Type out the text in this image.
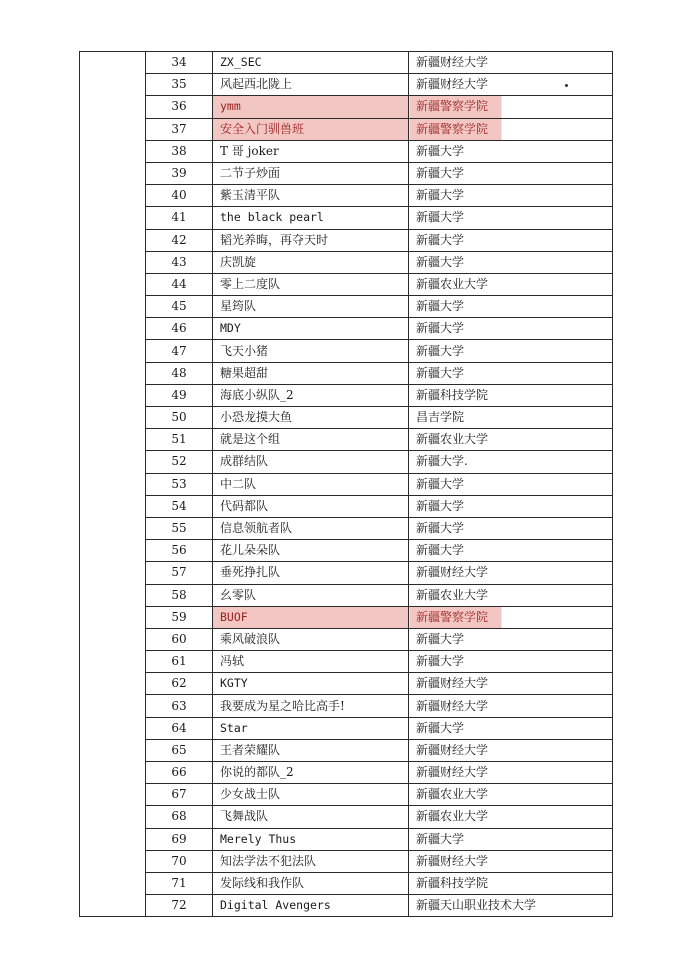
	34	ZX_SEC	新疆财经大学
	35	风起西北陇上	新疆财经大学
	36	ymm	新疆警察学院
	37	安全入门驯兽班	新疆警察学院
	38	T 哥 joker	新疆大学
	39	二节子炒面	新疆大学
	40	紫玉清平队	新疆大学
	41	the black pearl	新疆大学
	42	韬光养晦，再夺天时	新疆大学
	43	庆凯旋	新疆大学
	44	零上二度队	新疆农业大学
	45	星筠队	新疆大学
	46	MDY	新疆大学
	47	飞天小猪	新疆大学
	48	糖果超甜	新疆大学
	49	海底小纵队_2	新疆科技学院
	50	小恐龙摸大鱼	昌吉学院
	51	就是这个组	新疆农业大学
	52	成群结队	新疆大学.
	53	中二队	新疆大学
	54	代码都队	新疆大学
	55	信息领航者队	新疆大学
	56	花儿朵朵队	新疆大学
	57	垂死挣扎队	新疆财经大学
	58	幺零队	新疆农业大学
	59	BUOF	新疆警察学院
	60	乘风破浪队	新疆大学
	61	冯轼	新疆大学
	62	KGTY	新疆财经大学
	63	我要成为星之哈比高手!	新疆财经大学
	64	Star	新疆大学
	65	王者荣耀队	新疆财经大学
	66	你说的都队_2	新疆财经大学
	67	少女战士队	新疆农业大学
	68	飞舞战队	新疆农业大学
	69	Merely Thus	新疆大学
	70	知法学法不犯法队	新疆财经大学
	71	发际线和我作队	新疆科技学院
	72	Digital Avengers	新疆天山职业技术大学
